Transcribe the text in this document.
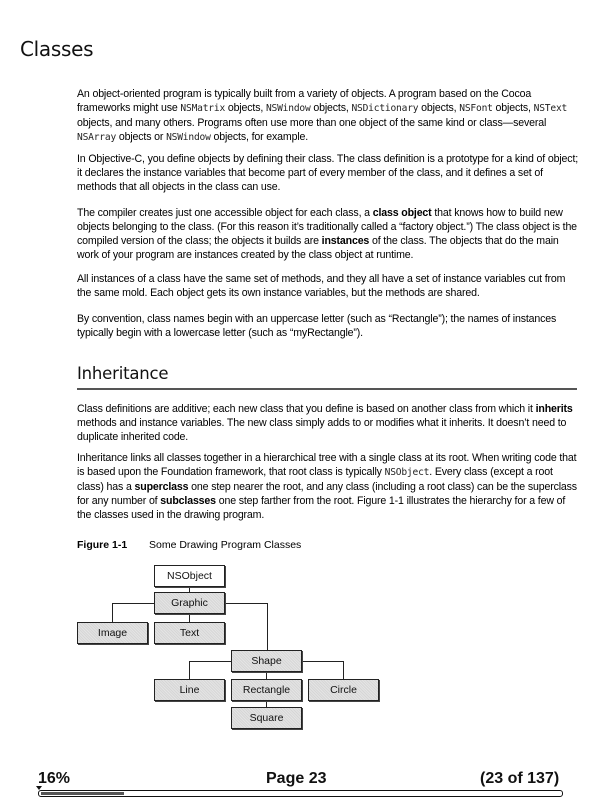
Classes

An object-oriented program is typically built from a variety of objects. A program based on the Cocoa frameworks might use NSMatrix objects, NSWindow objects, NSDictionary objects, NSFont objects, NSText objects, and many others. Programs often use more than one object of the same kind or class—several NSArray objects or NSWindow objects, for example.

In Objective-C, you define objects by defining their class. The class definition is a prototype for a kind of object; it declares the instance variables that become part of every member of the class, and it defines a set of methods that all objects in the class can use.

The compiler creates just one accessible object for each class, a class object that knows how to build new objects belonging to the class. (For this reason it’s traditionally called a “factory object.”) The class object is the compiled version of the class; the objects it builds are instances of the class. The objects that do the main work of your program are instances created by the class object at runtime.

All instances of a class have the same set of methods, and they all have a set of instance variables cut from the same mold. Each object gets its own instance variables, but the methods are shared.

By convention, class names begin with an uppercase letter (such as “Rectangle”); the names of instances typically begin with a lowercase letter (such as “myRectangle”).

Inheritance

Class definitions are additive; each new class that you define is based on another class from which it inherits methods and instance variables. The new class simply adds to or modifies what it inherits. It doesn’t need to duplicate inherited code.

Inheritance links all classes together in a hierarchical tree with a single class at its root. When writing code that is based upon the Foundation framework, that root class is typically NSObject. Every class (except a root class) has a superclass one step nearer the root, and any class (including a root class) can be the superclass for any number of subclasses one step farther from the root. Figure 1-1 illustrates the hierarchy for a few of the classes used in the drawing program.

Figure 1-1 Some Drawing Program Classes
NSObject
Graphic
Image	Text
Shape
Line	Rectangle	Circle
Square
16%	Page 23	(23 of 137)
